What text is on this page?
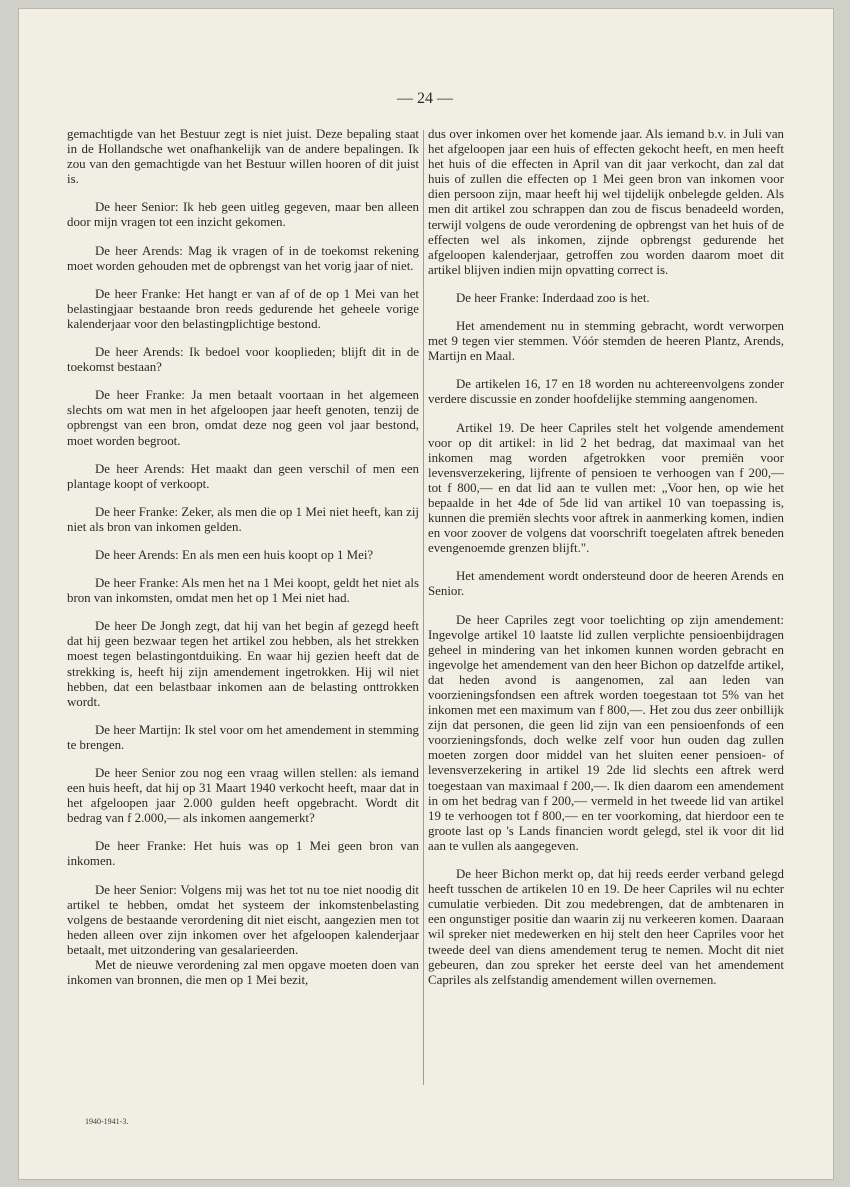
— 24 —

gemachtigde van het Bestuur zegt is niet juist. Deze bepaling staat in de Hollandsche wet onafhankelijk van de andere bepalingen. Ik zou van den gemachtigde van het Bestuur willen hooren of dit juist is.

De heer Senior: Ik heb geen uitleg gegeven, maar ben alleen door mijn vragen tot een inzicht gekomen.

De heer Arends: Mag ik vragen of in de toekomst rekening moet worden gehouden met de opbrengst van het vorig jaar of niet.

De heer Franke: Het hangt er van af of de op 1 Mei van het belastingjaar bestaande bron reeds gedurende het geheele vorige kalenderjaar voor den belastingplichtige bestond.

De heer Arends: Ik bedoel voor kooplieden; blijft dit in de toekomst bestaan?

De heer Franke: Ja men betaalt voortaan in het algemeen slechts om wat men in het afgeloopen jaar heeft genoten, tenzij de opbrengst van een bron, omdat deze nog geen vol jaar bestond, moet worden begroot.

De heer Arends: Het maakt dan geen verschil of men een plantage koopt of verkoopt.

De heer Franke: Zeker, als men die op 1 Mei niet heeft, kan zij niet als bron van inkomen gelden.

De heer Arends: En als men een huis koopt op 1 Mei?

De heer Franke: Als men het na 1 Mei koopt, geldt het niet als bron van inkomsten, omdat men het op 1 Mei niet had.

De heer De Jongh zegt, dat hij van het begin af gezegd heeft dat hij geen bezwaar tegen het artikel zou hebben, als het strekken moest tegen belastingontduiking. En waar hij gezien heeft dat de strekking is, heeft hij zijn amendement ingetrokken. Hij wil niet hebben, dat een belastbaar inkomen aan de belasting onttrokken wordt.

De heer Martijn: Ik stel voor om het amendement in stemming te brengen.

De heer Senior zou nog een vraag willen stellen: als iemand een huis heeft, dat hij op 31 Maart 1940 verkocht heeft, maar dat in het afgeloopen jaar 2.000 gulden heeft opgebracht. Wordt dit bedrag van f 2.000,— als inkomen aangemerkt?

De heer Franke: Het huis was op 1 Mei geen bron van inkomen.

De heer Senior: Volgens mij was het tot nu toe niet noodig dit artikel te hebben, omdat het systeem der inkomstenbelasting volgens de bestaande verordening dit niet eischt, aangezien men tot heden alleen over zijn inkomen over het afgeloopen kalenderjaar betaalt, met uitzondering van gesalarieerden.

Met de nieuwe verordening zal men opgave moeten doen van inkomen van bronnen, die men op 1 Mei bezit,

dus over inkomen over het komende jaar. Als iemand b.v. in Juli van het afgeloopen jaar een huis of effecten gekocht heeft, en men heeft het huis of die effecten in April van dit jaar verkocht, dan zal dat huis of zullen die effecten op 1 Mei geen bron van inkomen voor dien persoon zijn, maar heeft hij wel tijdelijk onbelegde gelden. Als men dit artikel zou schrappen dan zou de fiscus benadeeld worden, terwijl volgens de oude verordening de opbrengst van het huis of de effecten wel als inkomen, zijnde opbrengst gedurende het afgeloopen kalenderjaar, getroffen zou worden daarom moet dit artikel blijven indien mijn opvatting correct is.

De heer Franke: Inderdaad zoo is het.

Het amendement nu in stemming gebracht, wordt verworpen met 9 tegen vier stemmen. Vóór stemden de heeren Plantz, Arends, Martijn en Maal.

De artikelen 16, 17 en 18 worden nu achtereenvolgens zonder verdere discussie en zonder hoofdelijke stemming aangenomen.

Artikel 19. De heer Capriles stelt het volgende amendement voor op dit artikel: in lid 2 het bedrag, dat maximaal van het inkomen mag worden afgetrokken voor premiën voor levensverzekering, lijfrente of pensioen te verhoogen van f 200,— tot f 800,— en dat lid aan te vullen met: „Voor hen, op wie het bepaalde in het 4de of 5de lid van artikel 10 van toepassing is, kunnen die premiën slechts voor aftrek in aanmerking komen, indien en voor zoover de volgens dat voorschrift toegelaten aftrek beneden evengenoemde grenzen blijft.".

Het amendement wordt ondersteund door de heeren Arends en Senior.

De heer Capriles zegt voor toelichting op zijn amendement: Ingevolge artikel 10 laatste lid zullen verplichte pensioenbijdragen geheel in mindering van het inkomen kunnen worden gebracht en ingevolge het amendement van den heer Bichon op datzelfde artikel, dat heden avond is aangenomen, zal aan leden van voorzieningsfondsen een aftrek worden toegestaan tot 5% van het inkomen met een maximum van f 800,—. Het zou dus zeer onbillijk zijn dat personen, die geen lid zijn van een pensioenfonds of een voorzieningsfonds, doch welke zelf voor hun ouden dag zullen moeten zorgen door middel van het sluiten eener pensioen- of levensverzekering in artikel 19 2de lid slechts een aftrek werd toegestaan van maximaal f 200,—. Ik dien daarom een amendement in om het bedrag van f 200,— vermeld in het tweede lid van artikel 19 te verhoogen tot f 800,— en ter voorkoming, dat hierdoor een te groote last op 's Lands financien wordt gelegd, stel ik voor dit lid aan te vullen als aangegeven.

De heer Bichon merkt op, dat hij reeds eerder verband gelegd heeft tusschen de artikelen 10 en 19. De heer Capriles wil nu echter cumulatie verbieden. Dit zou medebrengen, dat de ambtenaren in een ongunstiger positie dan waarin zij nu verkeeren komen. Daaraan wil spreker niet medewerken en hij stelt den heer Capriles voor het tweede deel van diens amendement terug te nemen. Mocht dit niet gebeuren, dan zou spreker het eerste deel van het amendement Capriles als zelfstandig amendement willen overnemen.

1940-1941-3.
